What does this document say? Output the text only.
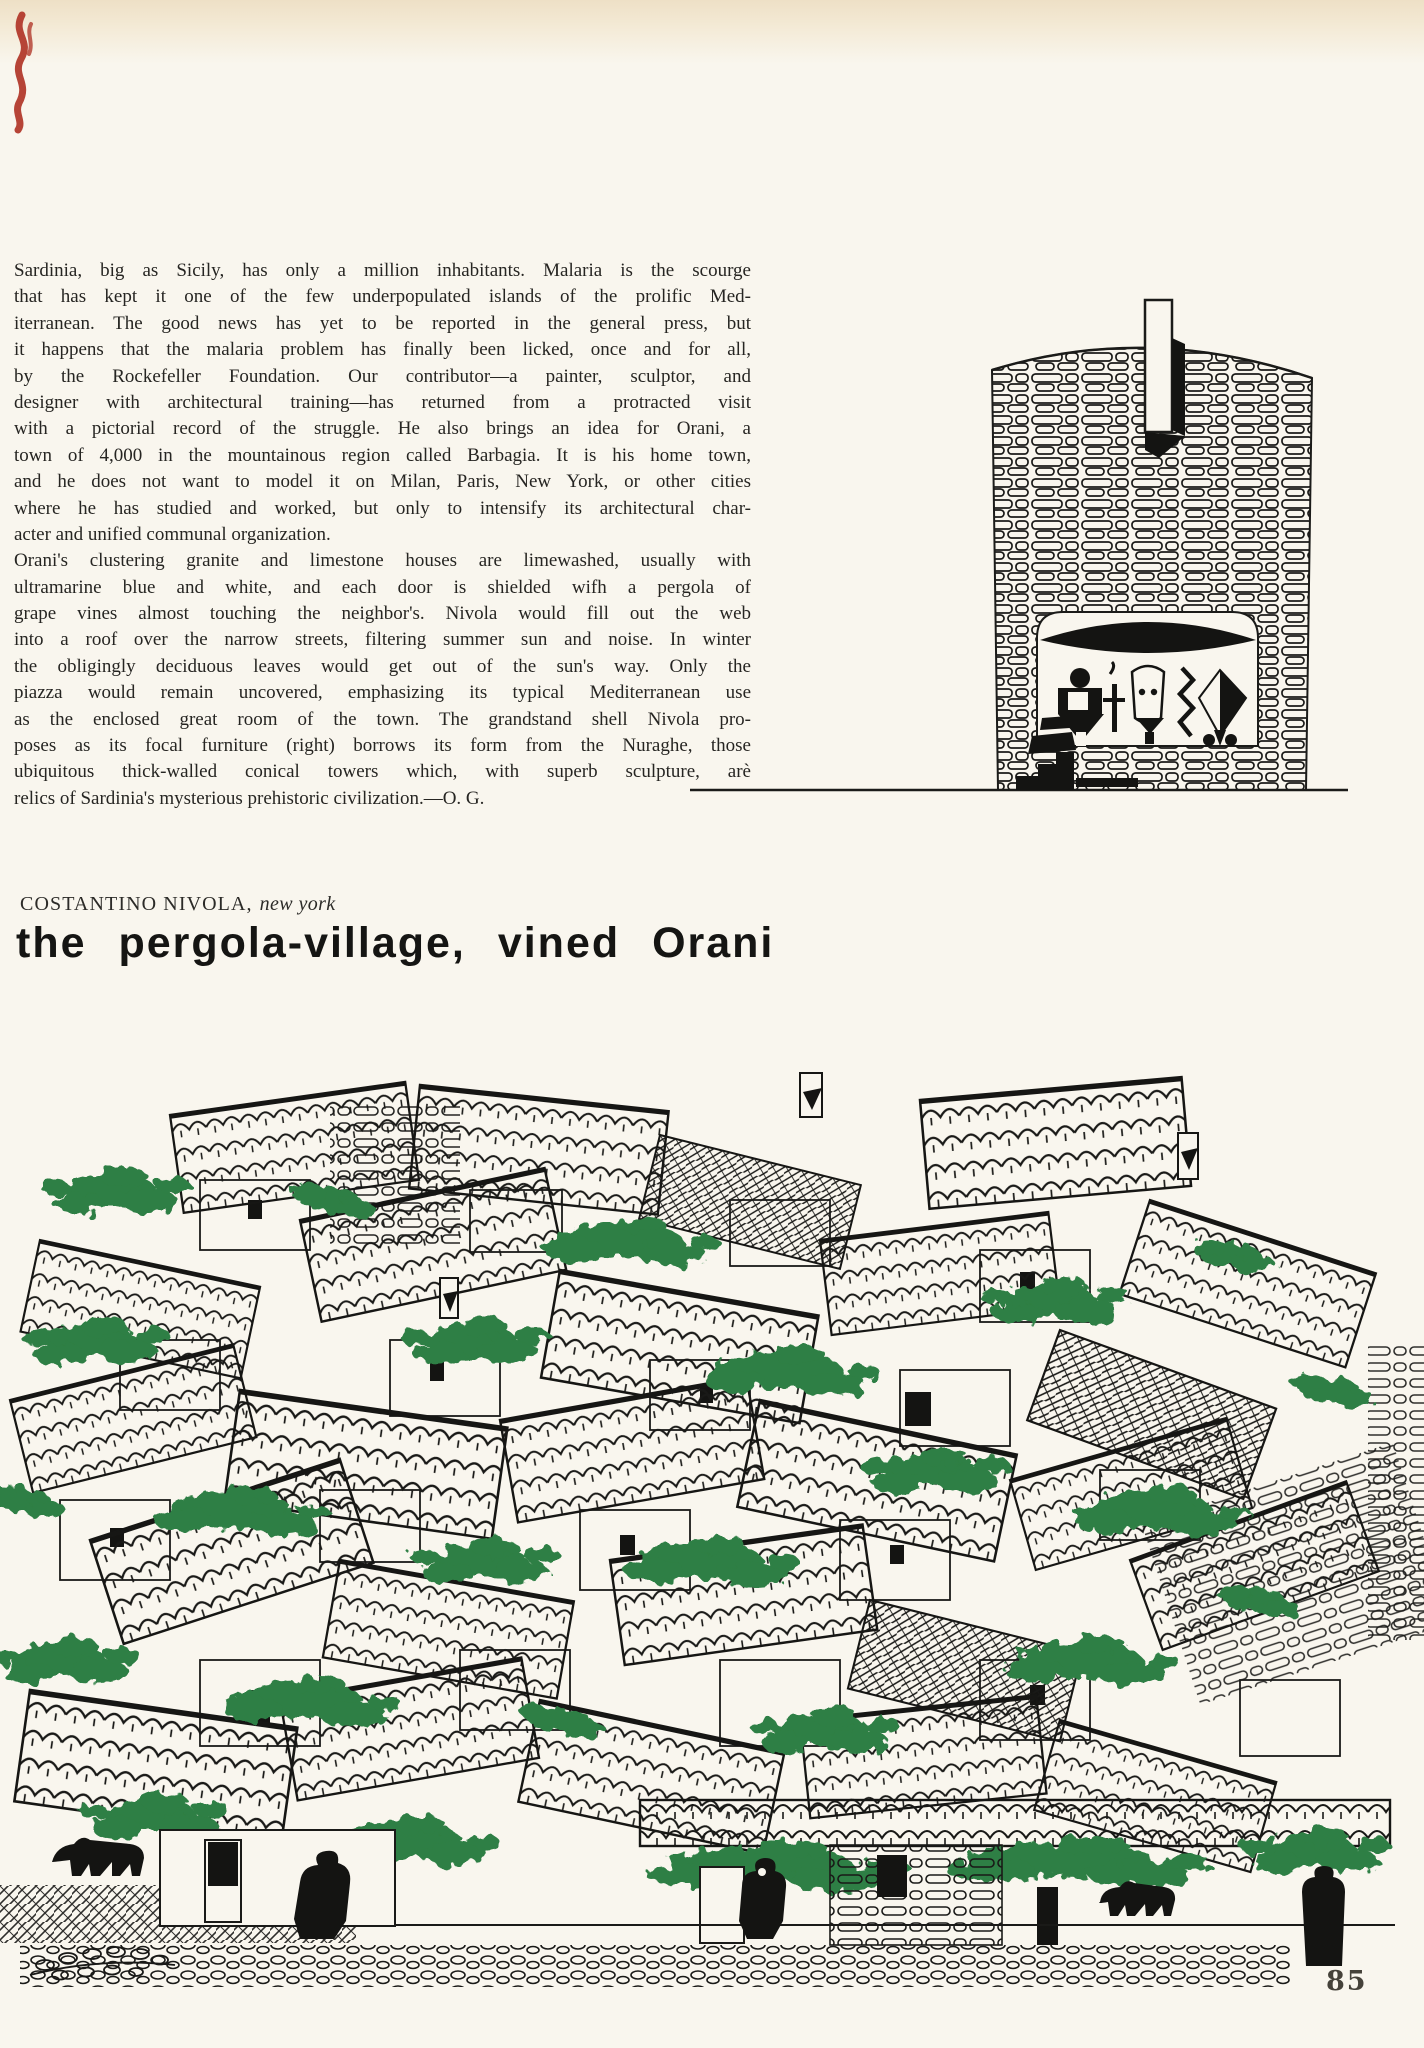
Sardinia, big as Sicily, has only a million inhabitants. Malaria is the scourge
that has kept it one of the few underpopulated islands of the prolific Med-
iterranean. The good news has yet to be reported in the general press, but
it happens that the malaria problem has finally been licked, once and for all,
by the Rockefeller Foundation. Our contributor—a painter, sculptor, and
designer with architectural training—has returned from a protracted visit
with a pictorial record of the struggle. He also brings an idea for Orani, a
town of 4,000 in the mountainous region called Barbagia. It is his home town,
and he does not want to model it on Milan, Paris, New York, or other cities
where he has studied and worked, but only to intensify its architectural char-
acter and unified communal organization.
Orani's clustering granite and limestone houses are limewashed, usually with
ultramarine blue and white, and each door is shielded wifh a pergola of
grape vines almost touching the neighbor's. Nivola would fill out the web
into a roof over the narrow streets, filtering summer sun and noise. In winter
the obligingly deciduous leaves would get out of the sun's way. Only the
piazza would remain uncovered, emphasizing its typical Mediterranean use
as the enclosed great room of the town. The grandstand shell Nivola pro-
poses as its focal furniture (right) borrows its form from the Nuraghe, those
ubiquitous thick-walled conical towers which, with superb sculpture, arè
relics of Sardinia's mysterious prehistoric civilization.—O. G.
COSTANTINO NIVOLA, new york
the pergola-village, vined Orani
85
